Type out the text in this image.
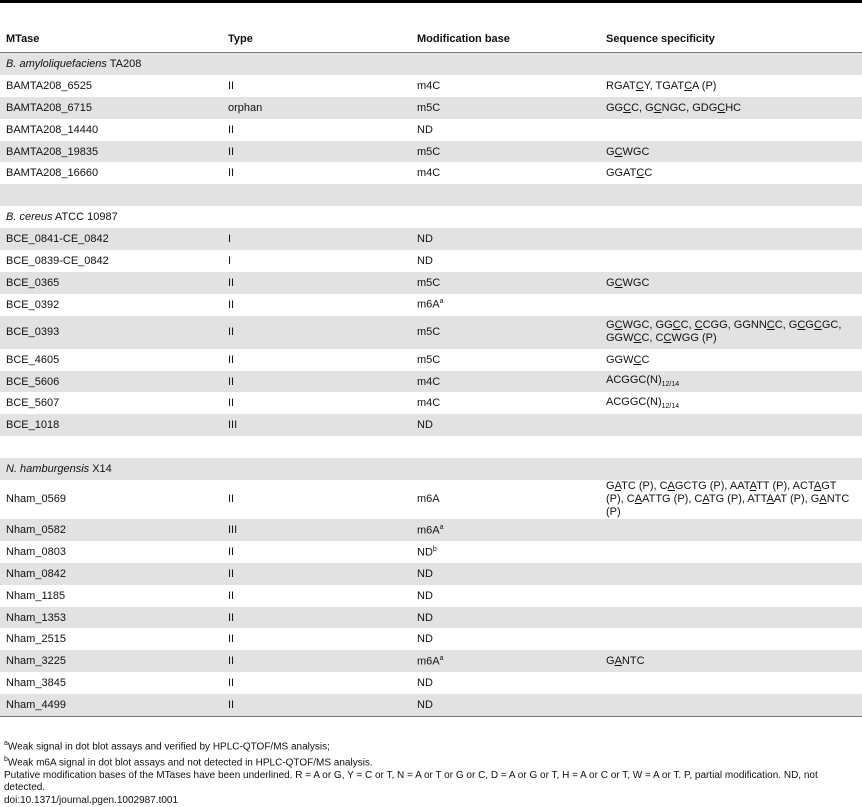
MTase	Type	Modification base	Sequence specificity
B. amyloliquefaciens TA208			
BAMTA208_6525	II	m4C	RGATCY, TGATCA (P)
BAMTA208_6715	orphan	m5C	GGCC, GCNGC, GDGCHC
BAMTA208_14440	II	ND	
BAMTA208_19835	II	m5C	GCWGC
BAMTA208_16660	II	m4C	GGATCC

B. cereus ATCC 10987			
BCE_0841-CE_0842	I	ND	
BCE_0839-CE_0842	I	ND	
BCE_0365	II	m5C	GCWGC
BCE_0392	II	$m6A^a$	
BCE_0393	II	m5C	GCWGC, GGCC, CCGG, GGNNCC, GCGCGC, GGWCC, CCWGG (P)
BCE_4605	II	m5C	GGWCC
BCE_5606	II	m4C	$ACGGC(N)_{12/14}$
BCE_5607	II	m4C	$ACGGC(N)_{12/14}$
BCE_1018	III	ND	

N. hamburgensis X14			
Nham_0569	II	m6A	GATC (P), CAGCTG (P), AATATT (P), ACTAGT (P), CAATTG (P), CATG (P), ATTAAT (P), GANTC (P)
Nham_0582	III	$m6A^a$	
Nham_0803	II	$ND^b$	
Nham_0842	II	ND	
Nham_1185	II	ND	
Nham_1353	II	ND	
Nham_2515	II	ND	
Nham_3225	II	$m6A^a$	GANTC
Nham_3845	II	ND	
Nham_4499	II	ND	
$^a$Weak signal in dot blot assays and verified by HPLC-QTOF/MS analysis;
$^b$Weak m6A signal in dot blot assays and not detected in HPLC-QTOF/MS analysis.
Putative modification bases of the MTases have been underlined. R = A or G, Y = C or T, N = A or T or G or C, D = A or G or T, H = A or C or T, W = A or T. P, partial modification. ND, not detected.
doi:10.1371/journal.pgen.1002987.t001
